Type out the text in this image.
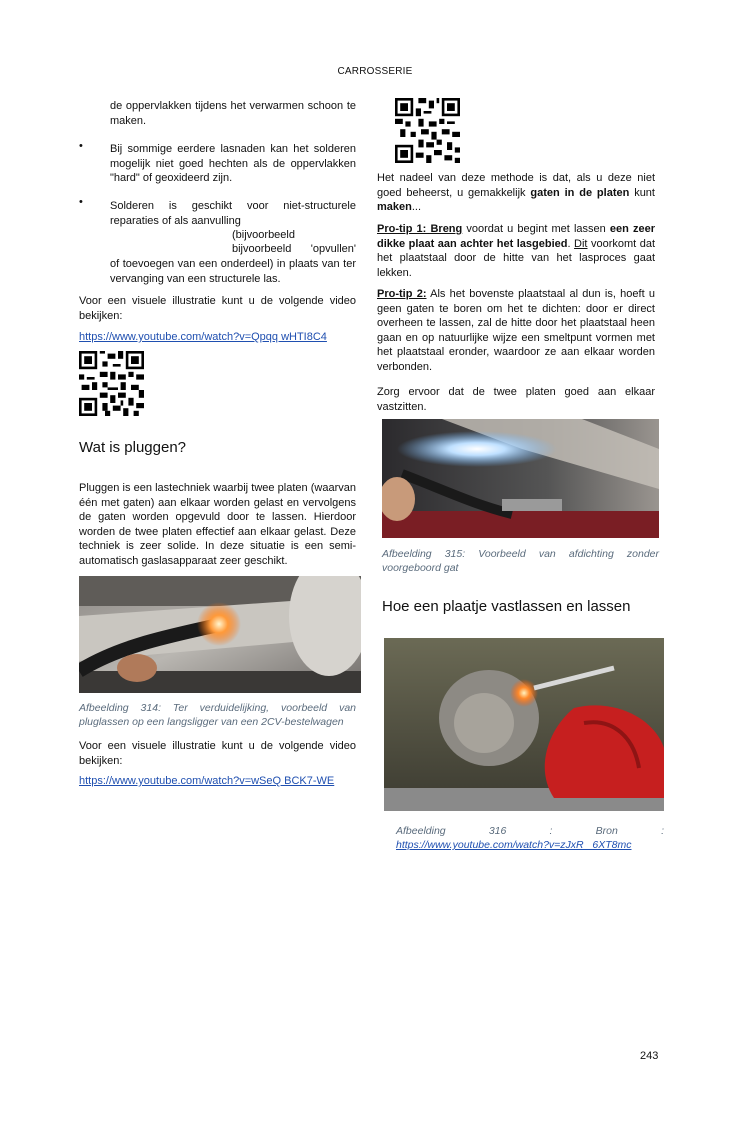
CARROSSERIE

de oppervlakken tijdens het verwarmen schoon te maken.

• Bij sommige eerdere lasnaden kan het solderen mogelijk niet goed hechten als de oppervlakken "hard" of geoxideerd zijn.

• Solderen is geschikt voor niet-structurele reparaties of als aanvulling

(bijvoorbeeld

bijvoorbeeld 'opvullen'

of toevoegen van een onderdeel) in plaats van ter vervanging van een structurele las.

Voor een visuele illustratie kunt u de volgende video bekijken:

https://www.youtube.com/watch?v=Qpqq wHTI8C4
Wat is pluggen?

Pluggen is een lastechniek waarbij twee platen (waarvan één met gaten) aan elkaar worden gelast en vervolgens de gaten worden opgevuld door te lassen. Hierdoor worden de twee platen effectief aan elkaar gelast. Deze techniek is zeer solide. In deze situatie is een semi-automatisch gaslasapparaat zeer geschikt.

Afbeelding 314: Ter verduidelijking, voorbeeld van pluglassen op een langsligger van een 2CV-bestelwagen

Voor een visuele illustratie kunt u de volgende video bekijken:

https://www.youtube.com/watch?v=wSeQ BCK7-WE

Het nadeel van deze methode is dat, als u deze niet goed beheerst, u gemakkelijk gaten in de platen kunt maken...

Pro-tip 1: Breng voordat u begint met lassen een zeer dikke plaat aan achter het lasgebied. Dit voorkomt dat het plaatstaal door de hitte van het lasproces gaat lekken.

Pro-tip 2: Als het bovenste plaatstaal al dun is, hoeft u geen gaten te boren om het te dichten: door er direct overheen te lassen, zal de hitte door het plaatstaal heen gaan en op natuurlijke wijze een smeltpunt vormen met het plaatstaal eronder, waardoor ze aan elkaar worden verbonden.

Zorg ervoor dat de twee platen goed aan elkaar vastzitten.

Afbeelding 315: Voorbeeld van afdichting zonder voorgeboord gat

Hoe een plaatje vastlassen en lassen
Afbeelding 316 : Bron	:
https://www.youtube.com/watch?v=zJxR_ 6XT8mc
243
